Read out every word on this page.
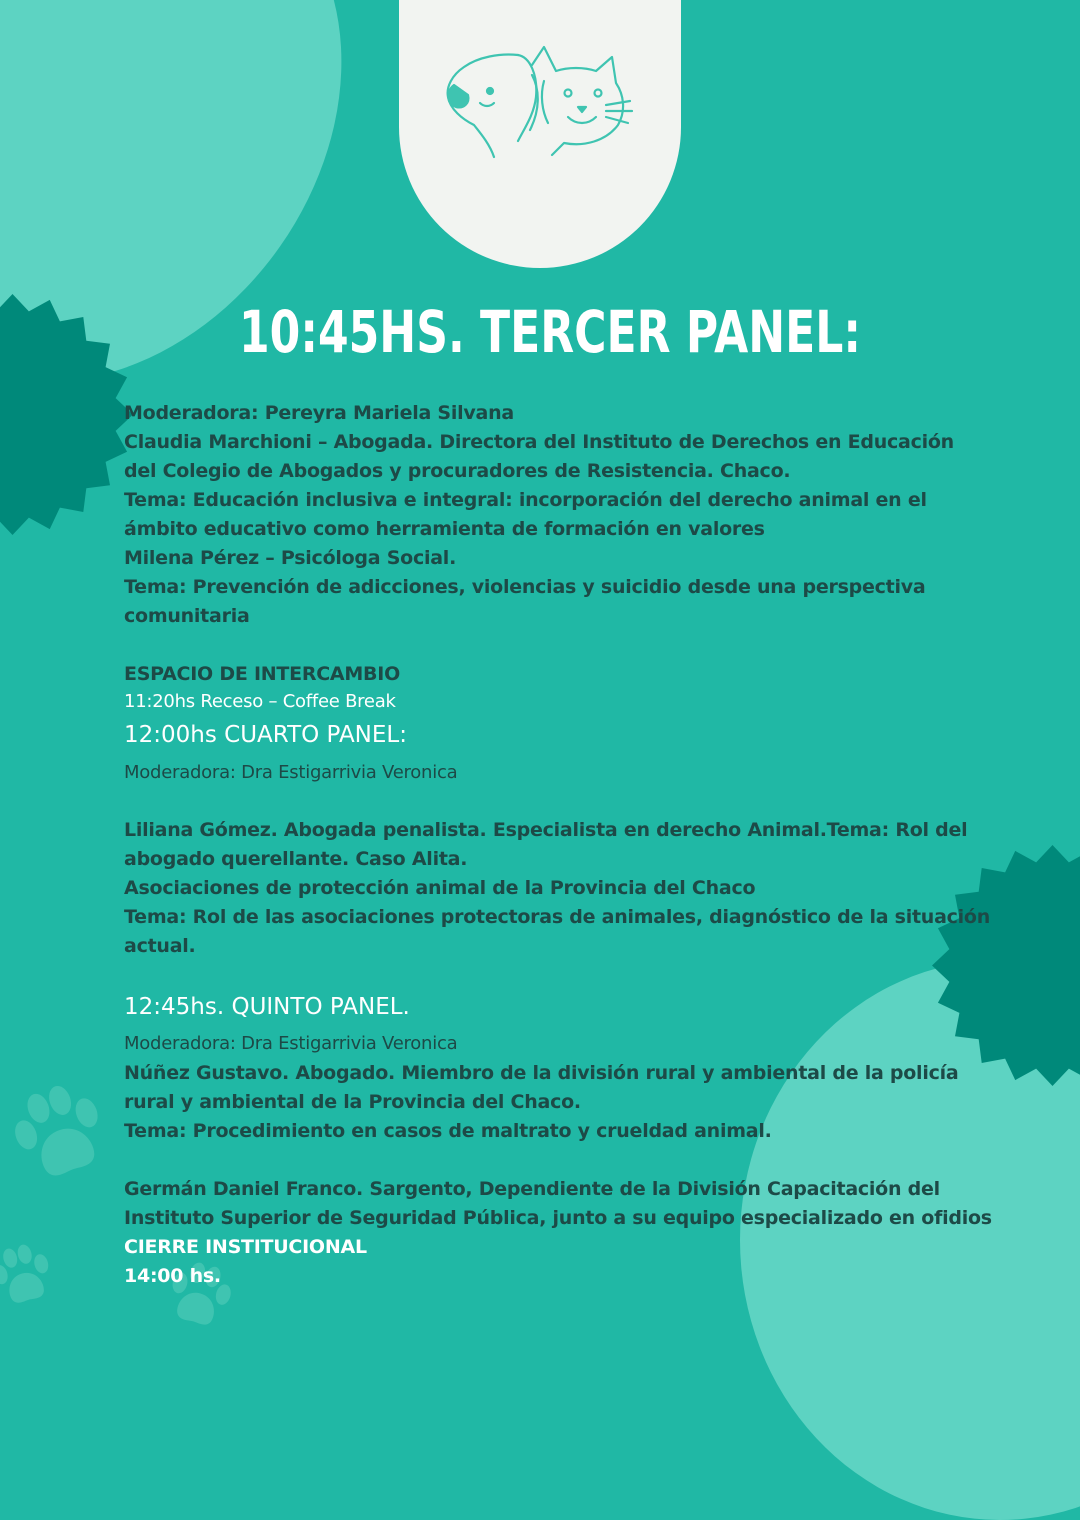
10:45HS. TERCER PANEL:

Moderadora: Pereyra Mariela Silvana

Claudia Marchioni – Abogada. Directora del Instituto de Derechos en Educación

del Colegio de Abogados y procuradores de Resistencia. Chaco.

Tema: Educación inclusiva e integral: incorporación del derecho animal en el

ámbito educativo como herramienta de formación en valores

Milena Pérez – Psicóloga Social.

Tema: Prevención de adicciones, violencias y suicidio desde una perspectiva

comunitaria

ESPACIO DE INTERCAMBIO

11:20hs Receso – Coffee Break

12:00hs CUARTO PANEL:

Moderadora: Dra Estigarrivia Veronica

Liliana Gómez. Abogada penalista. Especialista en derecho Animal.Tema: Rol del

abogado querellante. Caso Alita.

Asociaciones de protección animal de la Provincia del Chaco

Tema: Rol de las asociaciones protectoras de animales, diagnóstico de la situación

actual.

12:45hs. QUINTO PANEL.

Moderadora: Dra Estigarrivia Veronica

Núñez Gustavo. Abogado. Miembro de la división rural y ambiental de la policía

rural y ambiental de la Provincia del Chaco.

Tema: Procedimiento en casos de maltrato y crueldad animal.

Germán Daniel Franco. Sargento, Dependiente de la División Capacitación del

Instituto Superior de Seguridad Pública, junto a su equipo especializado en ofidios

CIERRE INSTITUCIONAL

14:00 hs.
